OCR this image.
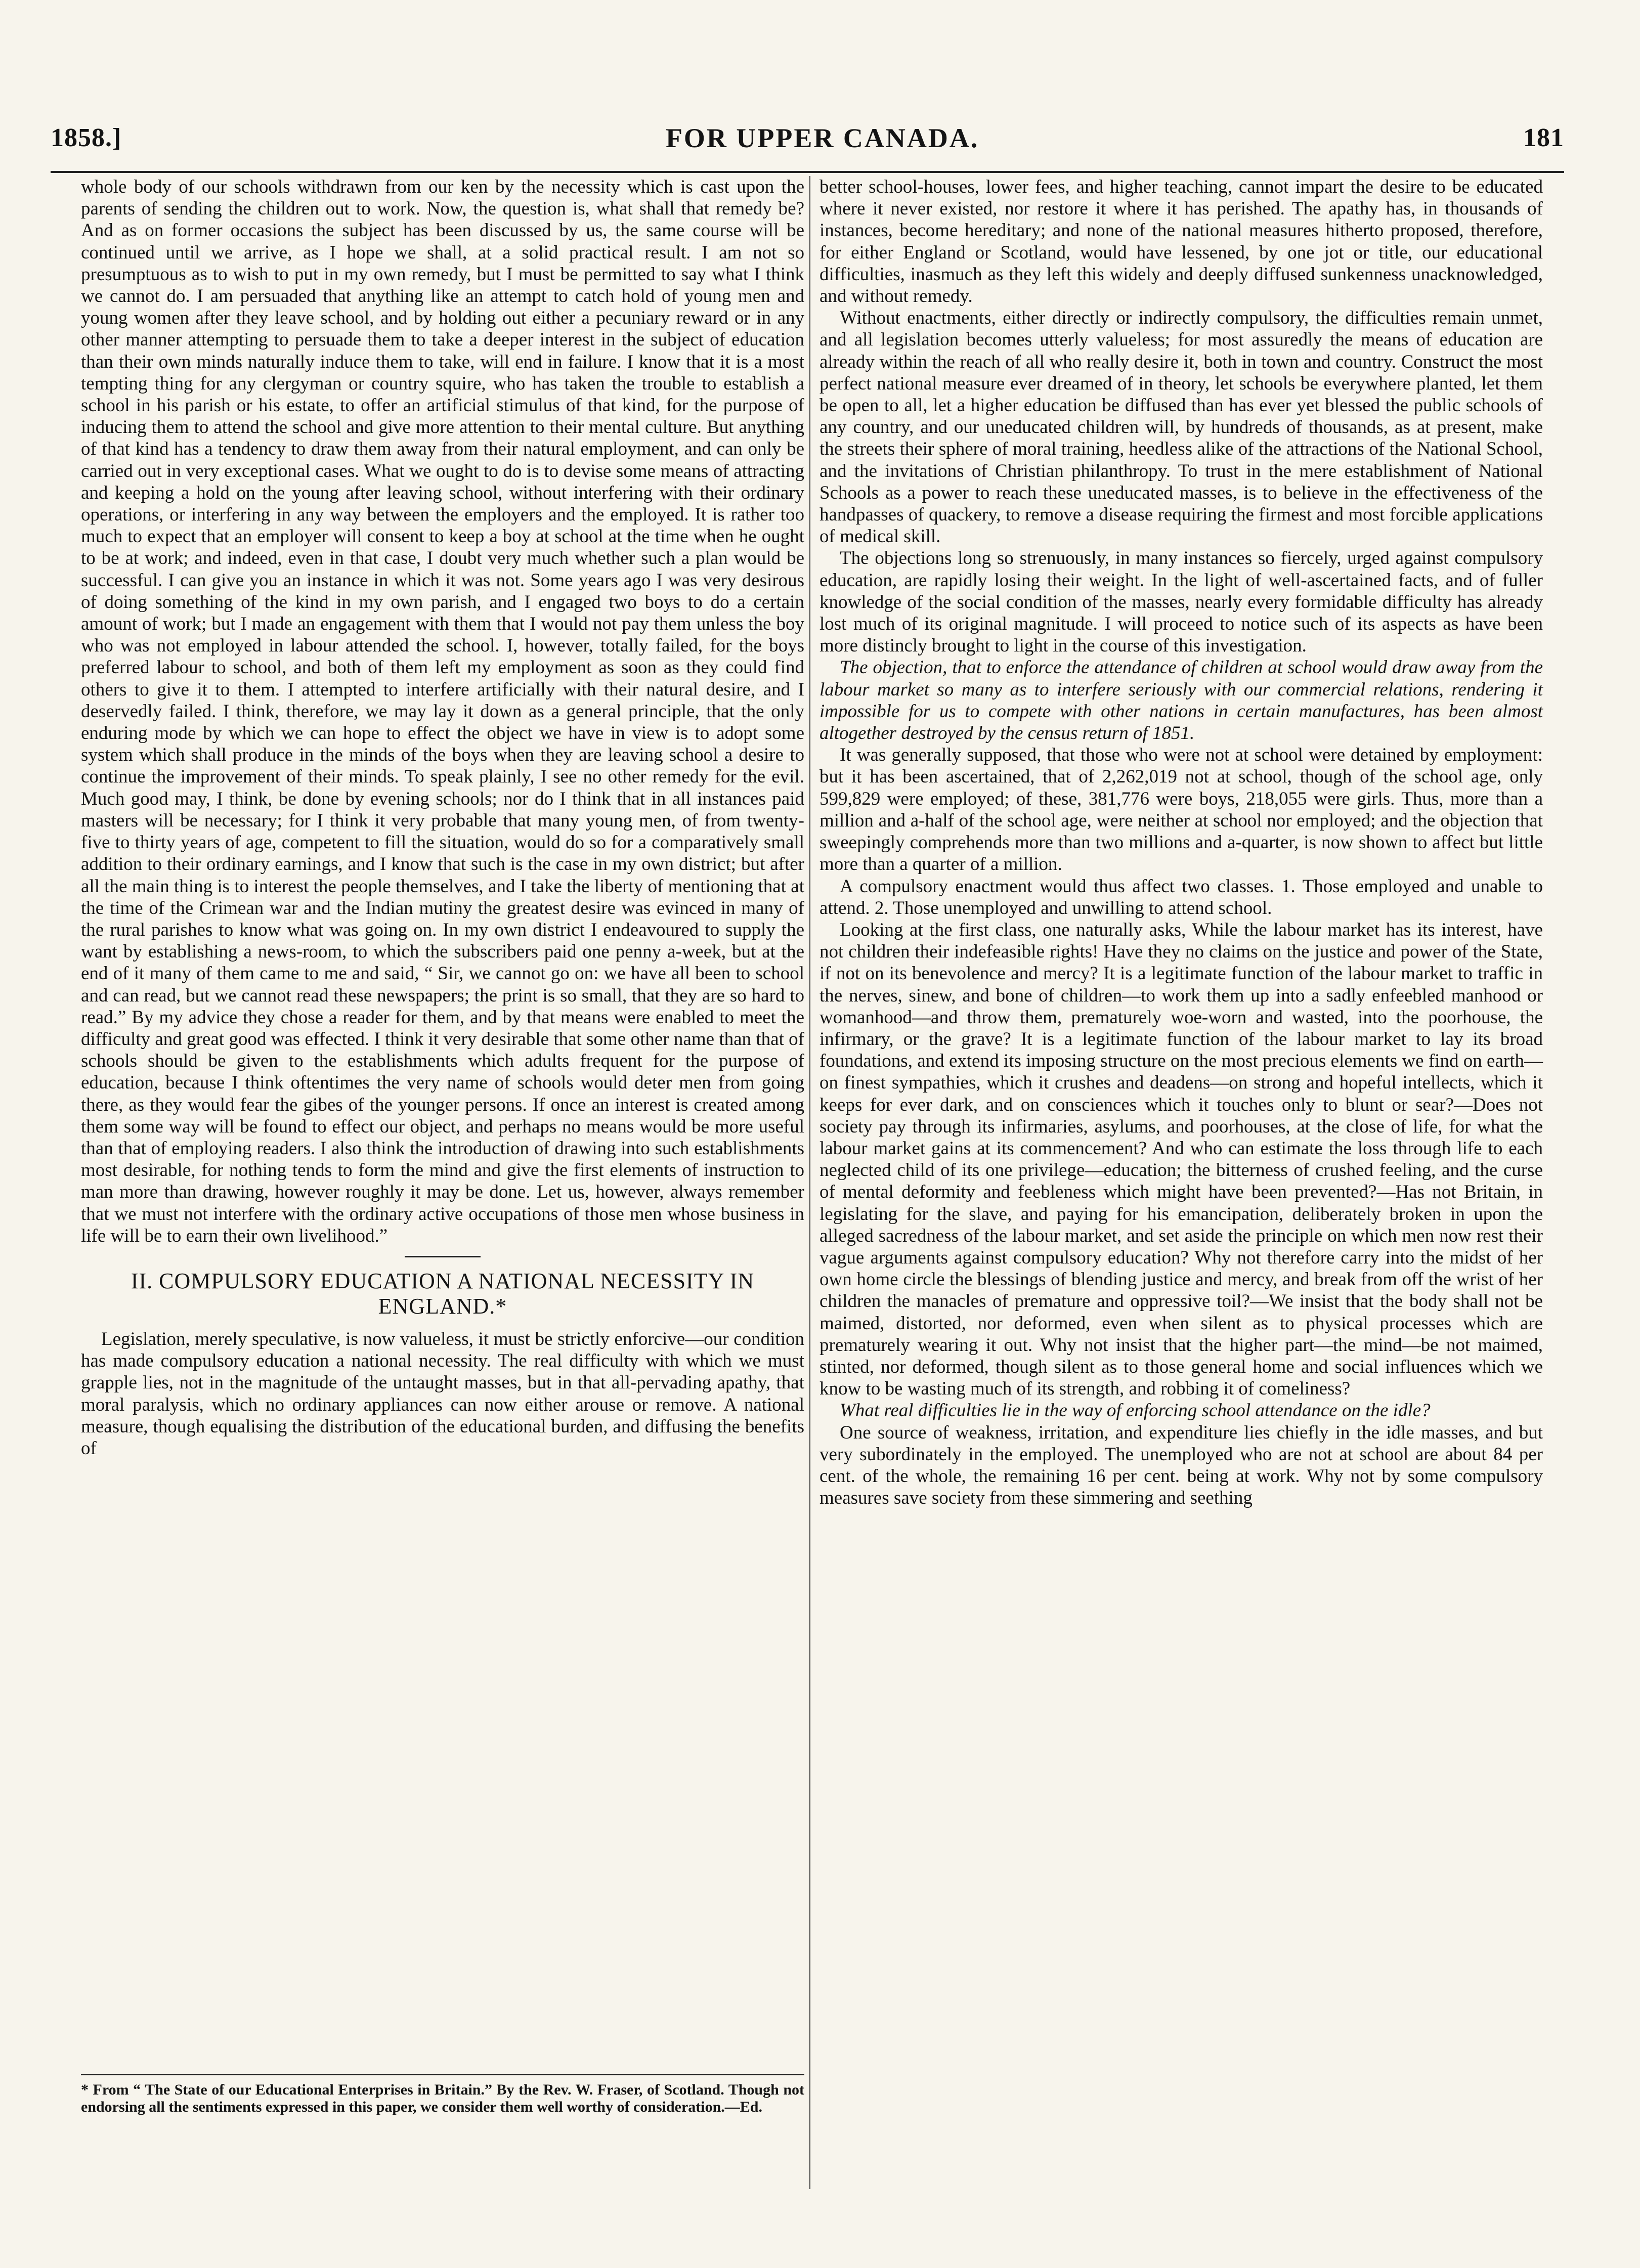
1858.]	FOR UPPER CANADA.	181

whole body of our schools withdrawn from our ken by the necessity which is cast upon the parents of sending the children out to work. Now, the question is, what shall that remedy be? And as on former occasions the subject has been discussed by us, the same course will be continued until we arrive, as I hope we shall, at a solid practical result. I am not so presumptuous as to wish to put in my own remedy, but I must be permitted to say what I think we cannot do. I am persuaded that anything like an attempt to catch hold of young men and young women after they leave school, and by holding out either a pecuniary reward or in any other manner attempting to persuade them to take a deeper interest in the subject of education than their own minds naturally induce them to take, will end in failure. I know that it is a most tempting thing for any clergyman or country squire, who has taken the trouble to establish a school in his parish or his estate, to offer an artificial stimulus of that kind, for the purpose of inducing them to attend the school and give more attention to their mental culture. But anything of that kind has a tendency to draw them away from their natural employment, and can only be carried out in very exceptional cases. What we ought to do is to devise some means of attracting and keeping a hold on the young after leaving school, without interfering with their ordinary operations, or interfering in any way between the employers and the employed. It is rather too much to expect that an employer will consent to keep a boy at school at the time when he ought to be at work; and indeed, even in that case, I doubt very much whether such a plan would be successful. I can give you an instance in which it was not. Some years ago I was very desirous of doing something of the kind in my own parish, and I engaged two boys to do a certain amount of work; but I made an engagement with them that I would not pay them unless the boy who was not employed in labour attended the school. I, however, totally failed, for the boys preferred labour to school, and both of them left my employment as soon as they could find others to give it to them. I attempted to interfere artificially with their natural desire, and I deservedly failed. I think, therefore, we may lay it down as a general principle, that the only enduring mode by which we can hope to effect the object we have in view is to adopt some system which shall produce in the minds of the boys when they are leaving school a desire to continue the improvement of their minds. To speak plainly, I see no other remedy for the evil. Much good may, I think, be done by evening schools; nor do I think that in all instances paid masters will be necessary; for I think it very probable that many young men, of from twenty-five to thirty years of age, competent to fill the situation, would do so for a comparatively small addition to their ordinary earnings, and I know that such is the case in my own district; but after all the main thing is to interest the people themselves, and I take the liberty of mentioning that at the time of the Crimean war and the Indian mutiny the greatest desire was evinced in many of the rural parishes to know what was going on. In my own district I endeavoured to supply the want by establishing a news-room, to which the subscribers paid one penny a-week, but at the end of it many of them came to me and said, “ Sir, we cannot go on: we have all been to school and can read, but we cannot read these newspapers; the print is so small, that they are so hard to read.” By my advice they chose a reader for them, and by that means were enabled to meet the difficulty and great good was effected. I think it very desirable that some other name than that of schools should be given to the establishments which adults frequent for the purpose of education, because I think oftentimes the very name of schools would deter men from going there, as they would fear the gibes of the younger persons. If once an interest is created among them some way will be found to effect our object, and perhaps no means would be more useful than that of employing readers. I also think the introduction of drawing into such establishments most desirable, for nothing tends to form the mind and give the first elements of instruction to man more than drawing, however roughly it may be done. Let us, however, always remember that we must not interfere with the ordinary active occupations of those men whose business in life will be to earn their own livelihood.”

II. COMPULSORY EDUCATION A NATIONAL NECESSITY IN ENGLAND.*

Legislation, merely speculative, is now valueless, it must be strictly enforcive—our condition has made compulsory education a national necessity. The real difficulty with which we must grapple lies, not in the magnitude of the untaught masses, but in that all-pervading apathy, that moral paralysis, which no ordinary appliances can now either arouse or remove. A national measure, though equalising the distribution of the educational burden, and diffusing the benefits of

better school-houses, lower fees, and higher teaching, cannot impart the desire to be educated where it never existed, nor restore it where it has perished. The apathy has, in thousands of instances, become hereditary; and none of the national measures hitherto proposed, therefore, for either England or Scotland, would have lessened, by one jot or title, our educational difficulties, inasmuch as they left this widely and deeply diffused sunkenness unacknowledged, and without remedy.

Without enactments, either directly or indirectly compulsory, the difficulties remain unmet, and all legislation becomes utterly valueless; for most assuredly the means of education are already within the reach of all who really desire it, both in town and country. Construct the most perfect national measure ever dreamed of in theory, let schools be everywhere planted, let them be open to all, let a higher education be diffused than has ever yet blessed the public schools of any country, and our uneducated children will, by hundreds of thousands, as at present, make the streets their sphere of moral training, heedless alike of the attractions of the National School, and the invitations of Christian philanthropy. To trust in the mere establishment of National Schools as a power to reach these uneducated masses, is to believe in the effectiveness of the handpasses of quackery, to remove a disease requiring the firmest and most forcible applications of medical skill.

The objections long so strenuously, in many instances so fiercely, urged against compulsory education, are rapidly losing their weight. In the light of well-ascertained facts, and of fuller knowledge of the social condition of the masses, nearly every formidable difficulty has already lost much of its original magnitude. I will proceed to notice such of its aspects as have been more distincly brought to light in the course of this investigation.

The objection, that to enforce the attendance of children at school would draw away from the labour market so many as to interfere seriously with our commercial relations, rendering it impossible for us to compete with other nations in certain manufactures, has been almost altogether destroyed by the census return of 1851.

It was generally supposed, that those who were not at school were detained by employment: but it has been ascertained, that of 2,262,019 not at school, though of the school age, only 599,829 were employed; of these, 381,776 were boys, 218,055 were girls. Thus, more than a million and a-half of the school age, were neither at school nor employed; and the objection that sweepingly comprehends more than two millions and a-quarter, is now shown to affect but little more than a quarter of a million.

A compulsory enactment would thus affect two classes. 1. Those employed and unable to attend. 2. Those unemployed and unwilling to attend school.

Looking at the first class, one naturally asks, While the labour market has its interest, have not children their indefeasible rights! Have they no claims on the justice and power of the State, if not on its benevolence and mercy? It is a legitimate function of the labour market to traffic in the nerves, sinew, and bone of children—to work them up into a sadly enfeebled manhood or womanhood—and throw them, prematurely woe-worn and wasted, into the poorhouse, the infirmary, or the grave? It is a legitimate function of the labour market to lay its broad foundations, and extend its imposing structure on the most precious elements we find on earth—on finest sympathies, which it crushes and deadens—on strong and hopeful intellects, which it keeps for ever dark, and on consciences which it touches only to blunt or sear?—Does not society pay through its infirmaries, asylums, and poorhouses, at the close of life, for what the labour market gains at its commencement? And who can estimate the loss through life to each neglected child of its one privilege—education; the bitterness of crushed feeling, and the curse of mental deformity and feebleness which might have been prevented?—Has not Britain, in legislating for the slave, and paying for his emancipation, deliberately broken in upon the alleged sacredness of the labour market, and set aside the principle on which men now rest their vague arguments against compulsory education? Why not therefore carry into the midst of her own home circle the blessings of blending justice and mercy, and break from off the wrist of her children the manacles of premature and oppressive toil?—We insist that the body shall not be maimed, distorted, nor deformed, even when silent as to physical processes which are prematurely wearing it out. Why not insist that the higher part—the mind—be not maimed, stinted, nor deformed, though silent as to those general home and social influences which we know to be wasting much of its strength, and robbing it of comeliness?

What real difficulties lie in the way of enforcing school attendance on the idle?

One source of weakness, irritation, and expenditure lies chiefly in the idle masses, and but very subordinately in the employed. The unemployed who are not at school are about 84 per cent. of the whole, the remaining 16 per cent. being at work. Why not by some compulsory measures save society from these simmering and seething

* From “ The State of our Educational Enterprises in Britain.” By the Rev. W. Fraser, of Scotland. Though not endorsing all the sentiments expressed in this paper, we consider them well worthy of consideration.—Ed.
